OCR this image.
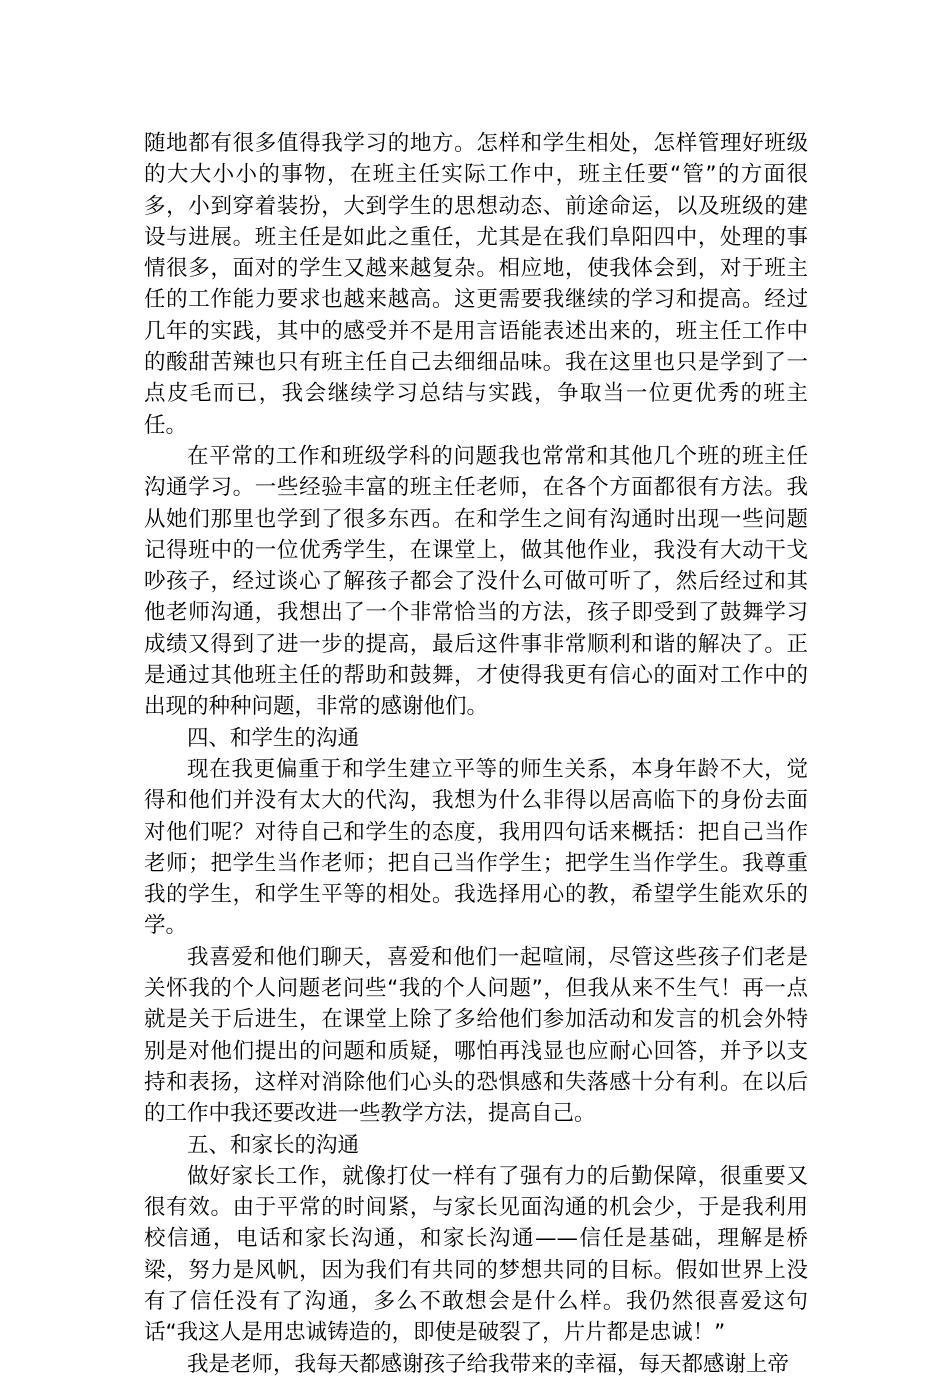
随地都有很多值得我学习的地方。怎样和学生相处，怎样管理好班级的大大小小的事物，在班主任实际工作中，班主任要“管”的方面很多，小到穿着装扮，大到学生的思想动态、前途命运，以及班级的建设与进展。班主任是如此之重任，尤其是在我们阜阳四中，处理的事情很多，面对的学生又越来越复杂。相应地，使我体会到，对于班主任的工作能力要求也越来越高。这更需要我继续的学习和提高。经过几年的实践，其中的感受并不是用言语能表述出来的，班主任工作中的酸甜苦辣也只有班主任自己去细细品味。我在这里也只是学到了一点皮毛而已，我会继续学习总结与实践，争取当一位更优秀的班主任。

在平常的工作和班级学科的问题我也常常和其他几个班的班主任沟通学习。一些经验丰富的班主任老师，在各个方面都很有方法。我从她们那里也学到了很多东西。在和学生之间有沟通时出现一些问题记得班中的一位优秀学生，在课堂上，做其他作业，我没有大动干戈吵孩子，经过谈心了解孩子都会了没什么可做可听了，然后经过和其他老师沟通，我想出了一个非常恰当的方法，孩子即受到了鼓舞学习成绩又得到了进一步的提高，最后这件事非常顺利和谐的解决了。正是通过其他班主任的帮助和鼓舞，才使得我更有信心的面对工作中的出现的种种问题，非常的感谢他们。

四、和学生的沟通

现在我更偏重于和学生建立平等的师生关系，本身年龄不大，觉得和他们并没有太大的代沟，我想为什么非得以居高临下的身份去面对他们呢？对待自己和学生的态度，我用四句话来概括：把自己当作老师；把学生当作老师；把自己当作学生；把学生当作学生。我尊重我的学生，和学生平等的相处。我选择用心的教，希望学生能欢乐的学。

我喜爱和他们聊天，喜爱和他们一起喧闹，尽管这些孩子们老是关怀我的个人问题老问些“我的个人问题”，但我从来不生气！再一点就是关于后进生，在课堂上除了多给他们参加活动和发言的机会外特别是对他们提出的问题和质疑，哪怕再浅显也应耐心回答，并予以支持和表扬，这样对消除他们心头的恐惧感和失落感十分有利。在以后的工作中我还要改进一些教学方法，提高自己。

五、和家长的沟通

做好家长工作，就像打仗一样有了强有力的后勤保障，很重要又很有效。由于平常的时间紧，与家长见面沟通的机会少，于是我利用校信通，电话和家长沟通，和家长沟通——信任是基础，理解是桥梁，努力是风帆，因为我们有共同的梦想共同的目标。假如世界上没有了信任没有了沟通，多么不敢想会是什么样。我仍然很喜爱这句话“我这人是用忠诚铸造的，即使是破裂了，片片都是忠诚！”

我是老师，我每天都感谢孩子给我带来的幸福，每天都感谢上帝
